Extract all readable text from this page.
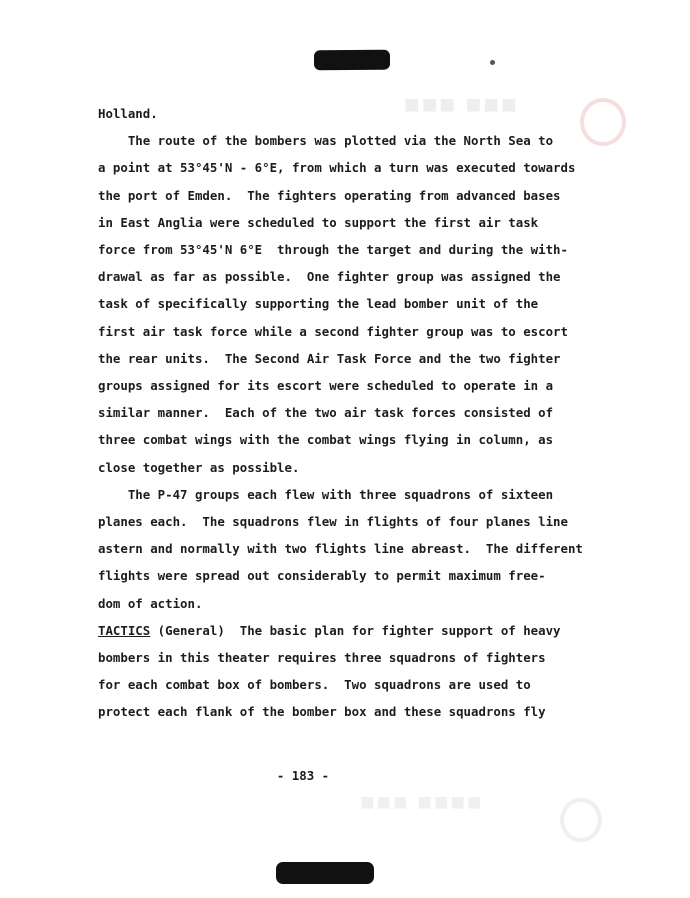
■■■ ■■■
Holland.
The route of the bombers was plotted via the North Sea to
a point at 53°45'N - 6°E, from which a turn was executed towards
the port of Emden.  The fighters operating from advanced bases
in East Anglia were scheduled to support the first air task
force from 53°45'N 6°E  through the target and during the with-
drawal as far as possible.  One fighter group was assigned the
task of specifically supporting the lead bomber unit of the
first air task force while a second fighter group was to escort
the rear units.  The Second Air Task Force and the two fighter
groups assigned for its escort were scheduled to operate in a
similar manner.  Each of the two air task forces consisted of
three combat wings with the combat wings flying in column, as
close together as possible.
The P-47 groups each flew with three squadrons of sixteen
planes each.  The squadrons flew in flights of four planes line
astern and normally with two flights line abreast.  The different
flights were spread out considerably to permit maximum free-
dom of action.
TACTICS (General)  The basic plan for fighter support of heavy
bombers in this theater requires three squadrons of fighters
for each combat box of bombers.  Two squadrons are used to
protect each flank of the bomber box and these squadrons fly
- 183 -
■■■ ■■■■
